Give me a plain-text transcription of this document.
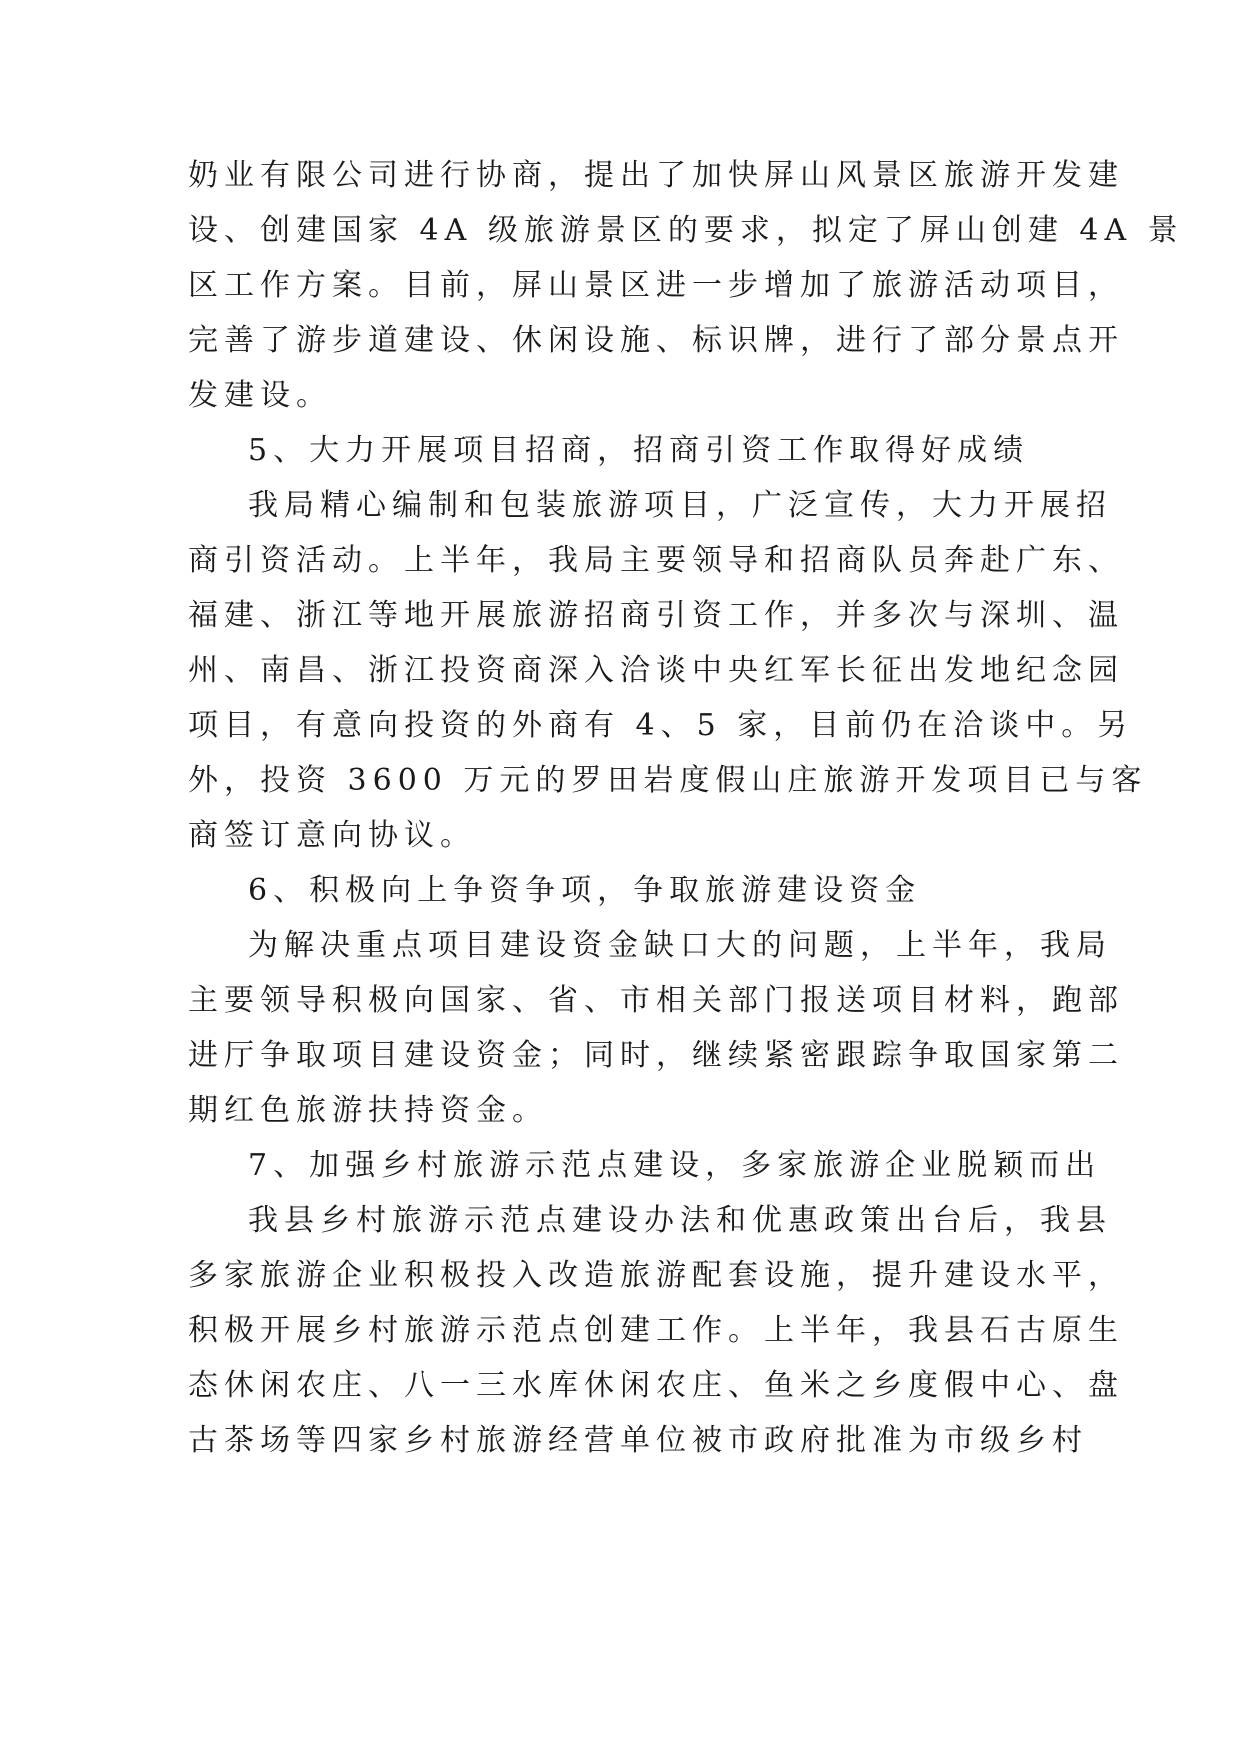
奶业有限公司进行协商，提出了加快屏山风景区旅游开发建
设、创建国家 4A 级旅游景区的要求，拟定了屏山创建 4A 景
区工作方案。目前，屏山景区进一步增加了旅游活动项目，
完善了游步道建设、休闲设施、标识牌，进行了部分景点开
发建设。
5、大力开展项目招商，招商引资工作取得好成绩
我局精心编制和包装旅游项目，广泛宣传，大力开展招
商引资活动。上半年，我局主要领导和招商队员奔赴广东、
福建、浙江等地开展旅游招商引资工作，并多次与深圳、温
州、南昌、浙江投资商深入洽谈中央红军长征出发地纪念园
项目，有意向投资的外商有 4、5 家，目前仍在洽谈中。另
外，投资 3600 万元的罗田岩度假山庄旅游开发项目已与客
商签订意向协议。
6、积极向上争资争项，争取旅游建设资金
为解决重点项目建设资金缺口大的问题，上半年，我局
主要领导积极向国家、省、市相关部门报送项目材料，跑部
进厅争取项目建设资金；同时，继续紧密跟踪争取国家第二
期红色旅游扶持资金。
7、加强乡村旅游示范点建设，多家旅游企业脱颖而出
我县乡村旅游示范点建设办法和优惠政策出台后，我县
多家旅游企业积极投入改造旅游配套设施，提升建设水平，
积极开展乡村旅游示范点创建工作。上半年，我县石古原生
态休闲农庄、八一三水库休闲农庄、鱼米之乡度假中心、盘
古茶场等四家乡村旅游经营单位被市政府批准为市级乡村
